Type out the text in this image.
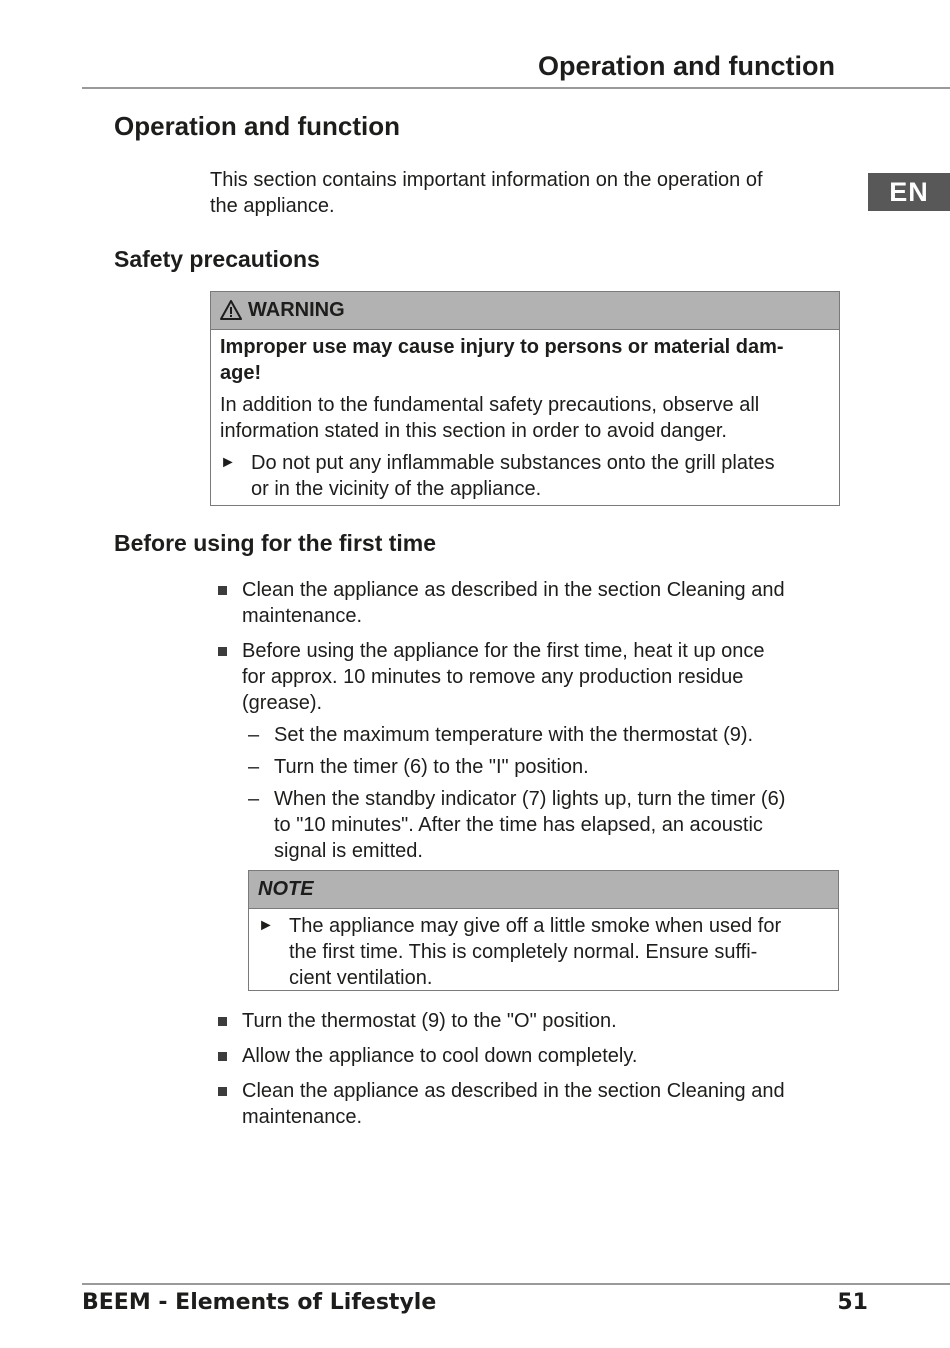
Operation and function
EN
Operation and function

This section contains important information on the operation of
the appliance.

Safety precautions
WARNING

Improper use may cause injury to persons or material dam-
age!

In addition to the fundamental safety precautions, observe all
information stated in this section in order to avoid danger.

► Do not put any inflammable substances onto the grill plates
or in the vicinity of the appliance.
Before using for the first time
Clean the appliance as described in the section Cleaning and
maintenance.
Before using the appliance for the first time, heat it up once
for approx. 10 minutes to remove any production residue
(grease).
– Set the maximum temperature with the thermostat (9).
– Turn the timer (6) to the "I" position.
– When the standby indicator (7) lights up, turn the timer (6)
to "10 minutes". After the time has elapsed, an acoustic
signal is emitted.
NOTE
► The appliance may give off a little smoke when used for
the first time. This is completely normal. Ensure suffi-
cient ventilation.
Turn the thermostat (9) to the "O" position.
Allow the appliance to cool down completely.
Clean the appliance as described in the section Cleaning and
maintenance.
BEEM - Elements of Lifestyle	51
